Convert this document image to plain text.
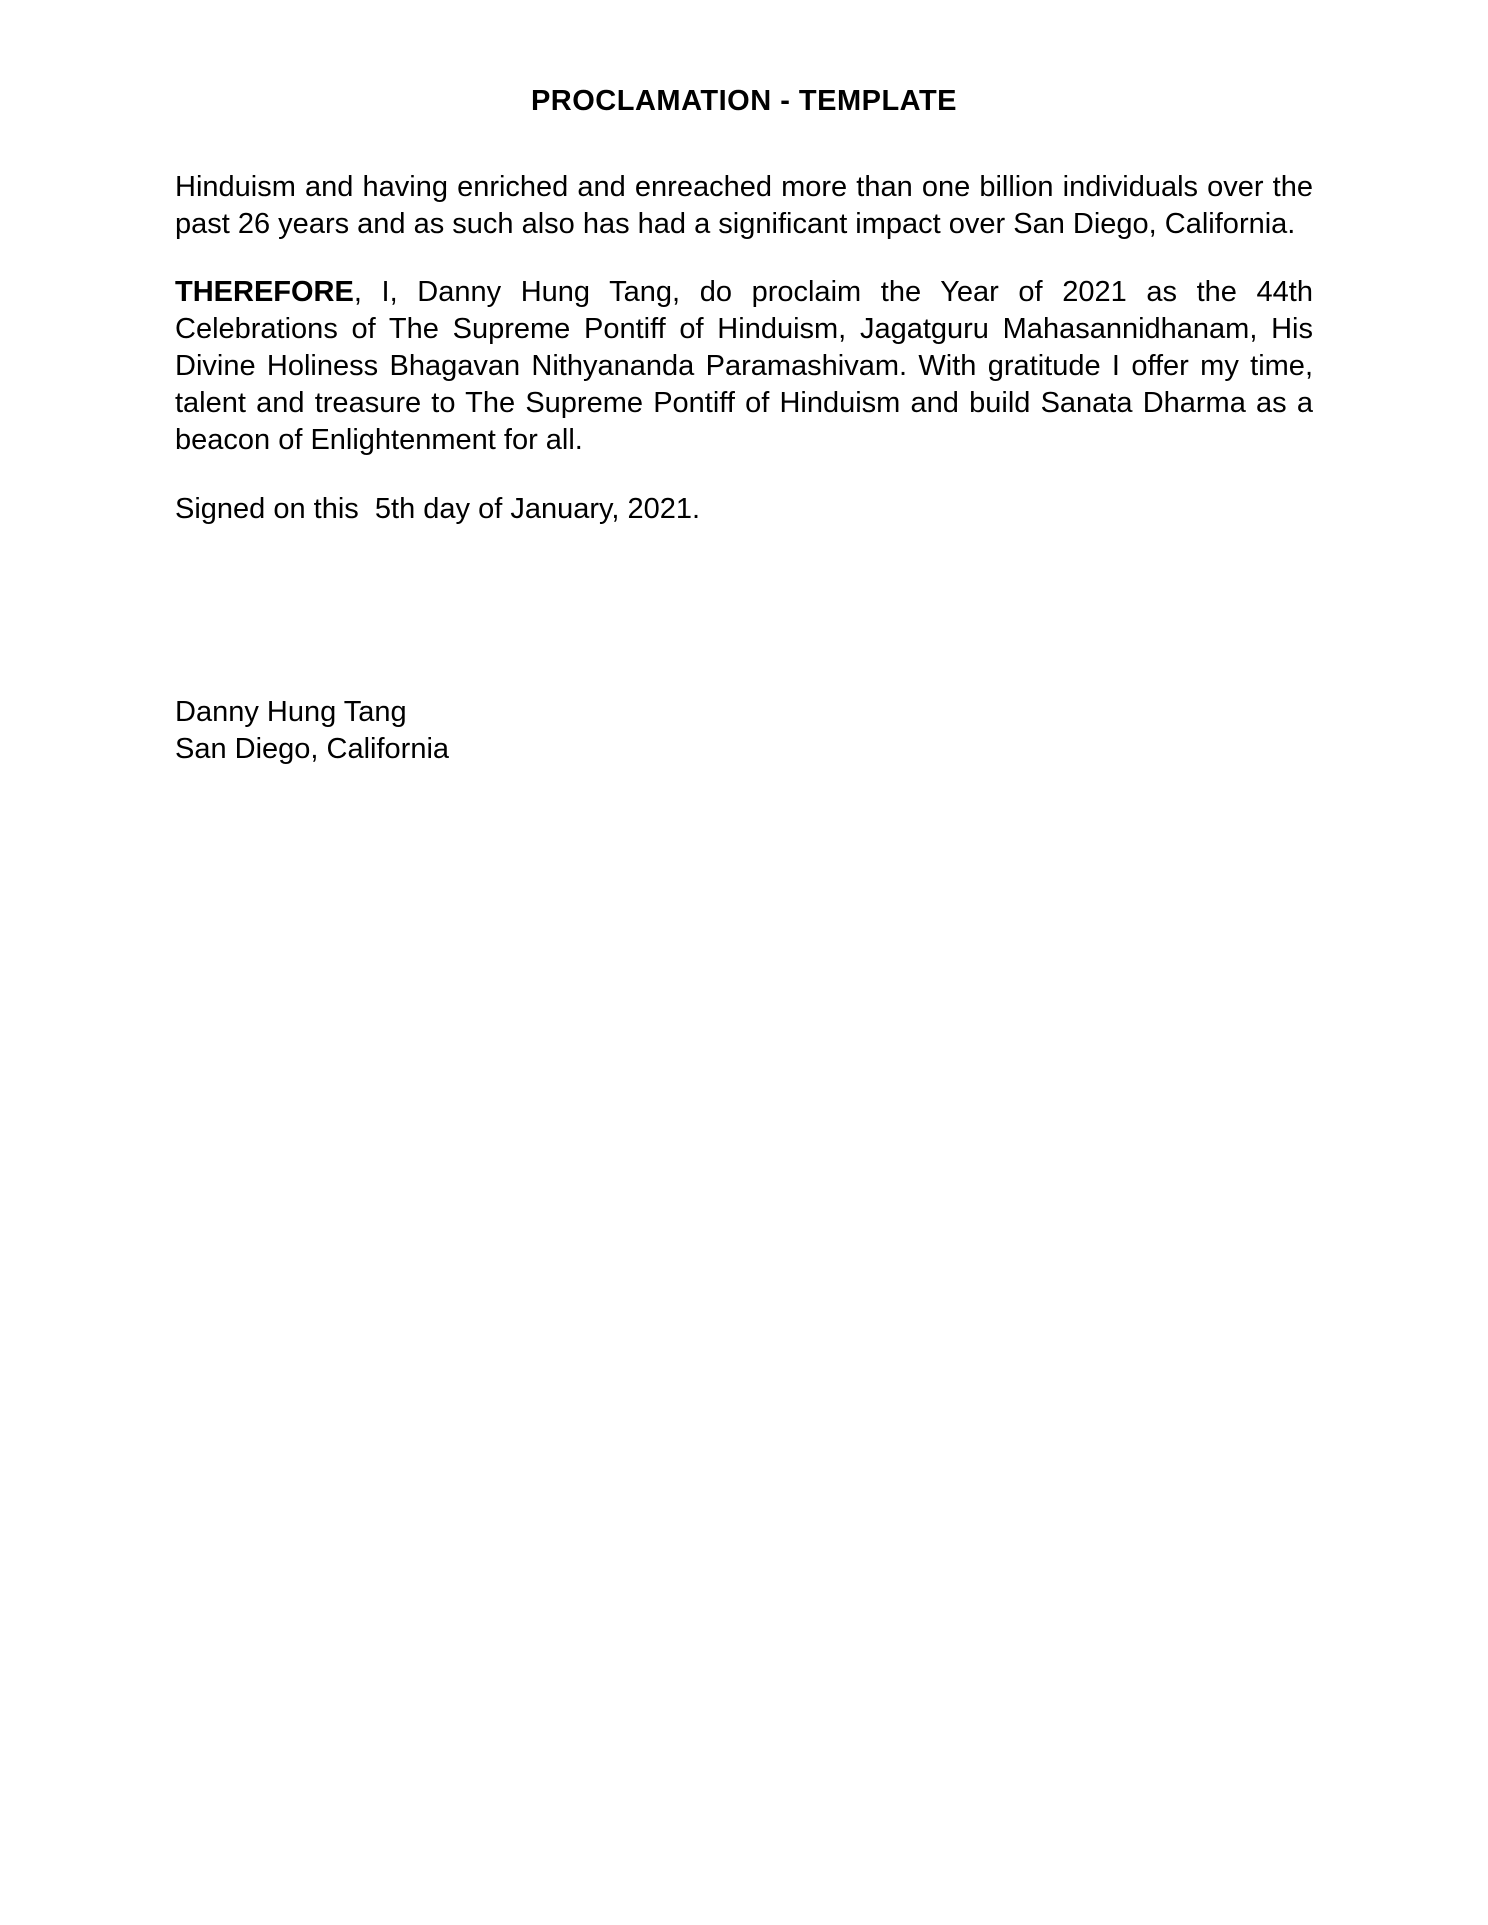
PROCLAMATION - TEMPLATE

Hinduism and having enriched and enreached more than one billion individuals over the past 26 years and as such also has had a significant impact over San Diego, California.

THEREFORE, I, Danny Hung Tang, do proclaim the Year of 2021 as the 44th Celebrations of The Supreme Pontiff of Hinduism, Jagatguru Mahasannidhanam, His Divine Holiness Bhagavan Nithyananda Paramashivam. With gratitude I offer my time, talent and treasure to The Supreme Pontiff of Hinduism and build Sanata Dharma as a beacon of Enlightenment for all.

Signed on this  5th day of January, 2021.

Danny Hung Tang
San Diego, California
